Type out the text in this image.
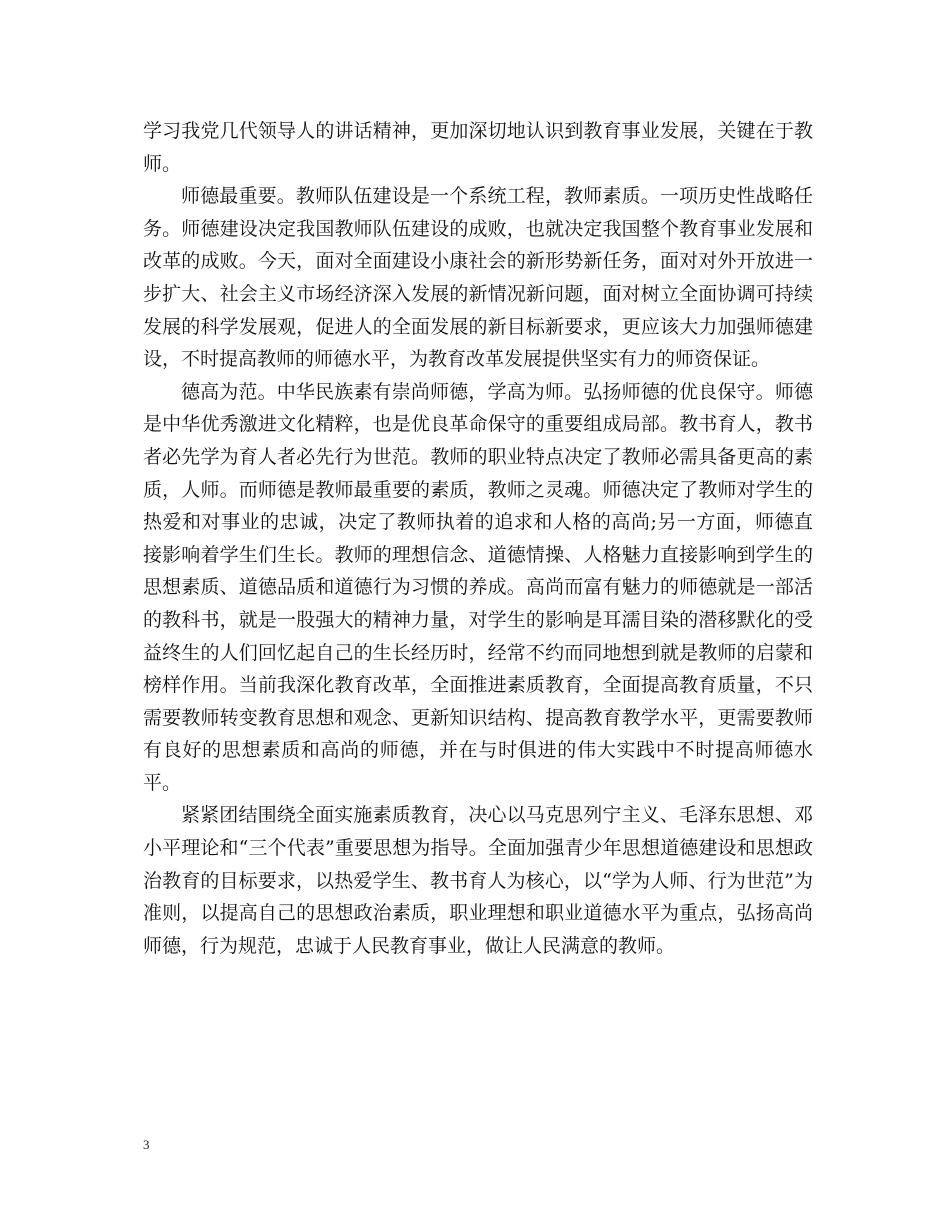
学习我党几代领导人的讲话精神，更加深切地认识到教育事业发展，关键在于教师。

师德最重要。教师队伍建设是一个系统工程，教师素质。一项历史性战略任务。师德建设决定我国教师队伍建设的成败，也就决定我国整个教育事业发展和改革的成败。今天，面对全面建设小康社会的新形势新任务，面对对外开放进一步扩大、社会主义市场经济深入发展的新情况新问题，面对树立全面协调可持续发展的科学发展观，促进人的全面发展的新目标新要求，更应该大力加强师德建设，不时提高教师的师德水平，为教育改革发展提供坚实有力的师资保证。

德高为范。中华民族素有崇尚师德，学高为师。弘扬师德的优良保守。师德是中华优秀激进文化精粹，也是优良革命保守的重要组成局部。教书育人，教书者必先学为育人者必先行为世范。教师的职业特点决定了教师必需具备更高的素质，人师。而师德是教师最重要的素质，教师之灵魂。师德决定了教师对学生的热爱和对事业的忠诚，决定了教师执着的追求和人格的高尚;另一方面，师德直接影响着学生们生长。教师的理想信念、道德情操、人格魅力直接影响到学生的思想素质、道德品质和道德行为习惯的养成。高尚而富有魅力的师德就是一部活的教科书，就是一股强大的精神力量，对学生的影响是耳濡目染的潜移默化的受益终生的人们回忆起自己的生长经历时，经常不约而同地想到就是教师的启蒙和榜样作用。当前我深化教育改革，全面推进素质教育，全面提高教育质量，不只需要教师转变教育思想和观念、更新知识结构、提高教育教学水平，更需要教师有良好的思想素质和高尚的师德，并在与时俱进的伟大实践中不时提高师德水平。

紧紧团结围绕全面实施素质教育，决心以马克思列宁主义、毛泽东思想、邓小平理论和“三个代表”重要思想为指导。全面加强青少年思想道德建设和思想政治教育的目标要求，以热爱学生、教书育人为核心，以“学为人师、行为世范”为准则，以提高自己的思想政治素质，职业理想和职业道德水平为重点，弘扬高尚师德，行为规范，忠诚于人民教育事业，做让人民满意的教师。

3
